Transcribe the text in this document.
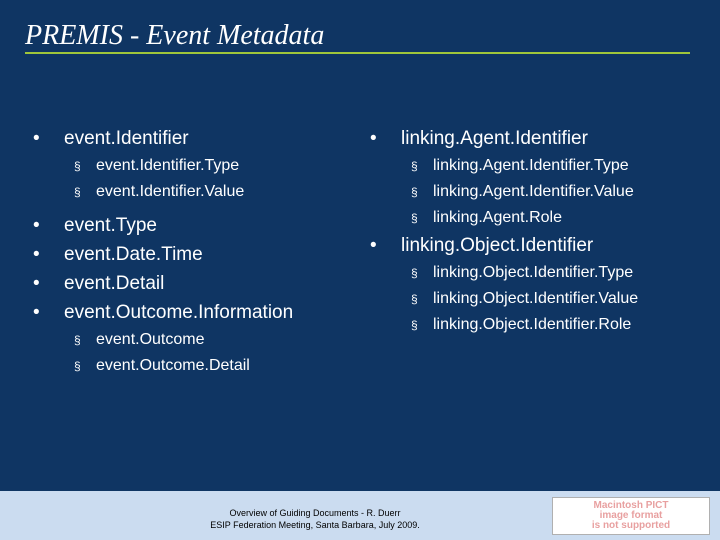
PREMIS - Event Metadata
•	event.Identifier
§ event.Identifier.Type
§ event.Identifier.Value
•	event.Type
•	event.Date.Time
•	event.Detail
•	event.Outcome.Information
§ event.Outcome
§ event.Outcome.Detail
•	linking.Agent.Identifier
§ linking.Agent.Identifier.Type
§ linking.Agent.Identifier.Value
§ linking.Agent.Role
•	linking.Object.Identifier
§ linking.Object.Identifier.Type
§ linking.Object.Identifier.Value
§ linking.Object.Identifier.Role
Overview of Guiding Documents - R. Duerr
ESIP Federation Meeting, Santa Barbara, July 2009.
Macintosh PICT
image format
is not supported
